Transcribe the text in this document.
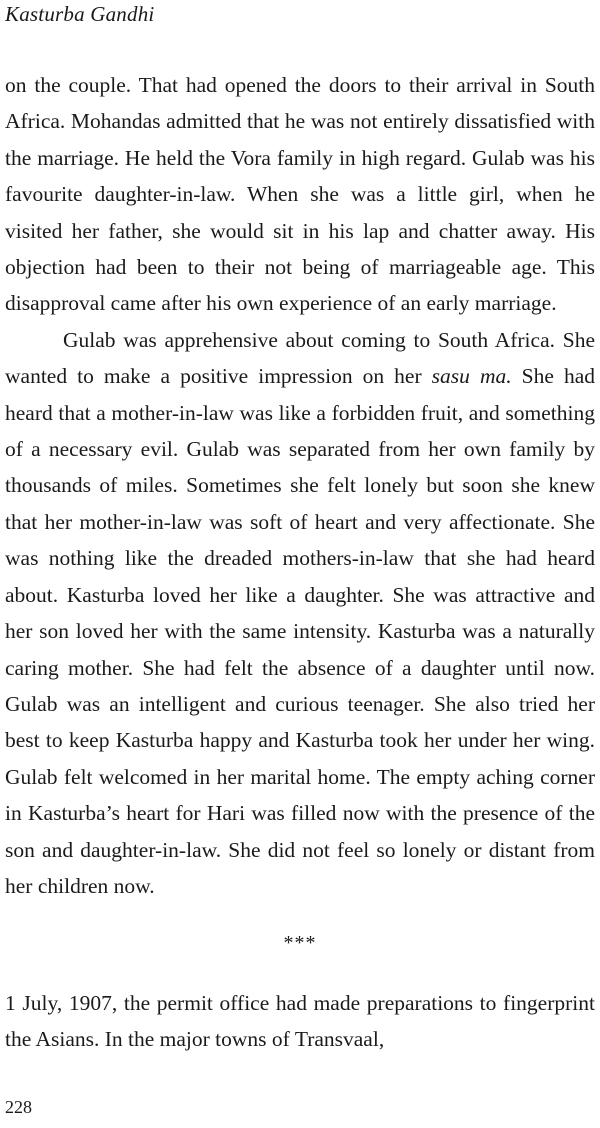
Kasturba Gandhi

on the couple. That had opened the doors to their arrival in South Africa. Mohandas admitted that he was not entirely dissatisfied with the marriage. He held the Vora family in high regard. Gulab was his favourite daughter-in-law. When she was a little girl, when he visited her father, she would sit in his lap and chatter away. His objection had been to their not being of marriageable age. This disapproval came after his own experience of an early marriage.

Gulab was apprehensive about coming to South Africa. She wanted to make a positive impression on her sasu ma. She had heard that a mother-in-law was like a forbidden fruit, and something of a necessary evil. Gulab was separated from her own family by thousands of miles. Sometimes she felt lonely but soon she knew that her mother-in-law was soft of heart and very affectionate. She was nothing like the dreaded mothers-in-law that she had heard about. Kasturba loved her like a daughter. She was attractive and her son loved her with the same intensity. Kasturba was a naturally caring mother. She had felt the absence of a daughter until now. Gulab was an intelligent and curious teenager. She also tried her best to keep Kasturba happy and Kasturba took her under her wing. Gulab felt welcomed in her marital home. The empty aching corner in Kasturba’s heart for Hari was filled now with the presence of the son and daughter-in-law. She did not feel so lonely or distant from her children now.

***

1 July, 1907, the permit office had made preparations to fingerprint the Asians. In the major towns of Transvaal,

228
